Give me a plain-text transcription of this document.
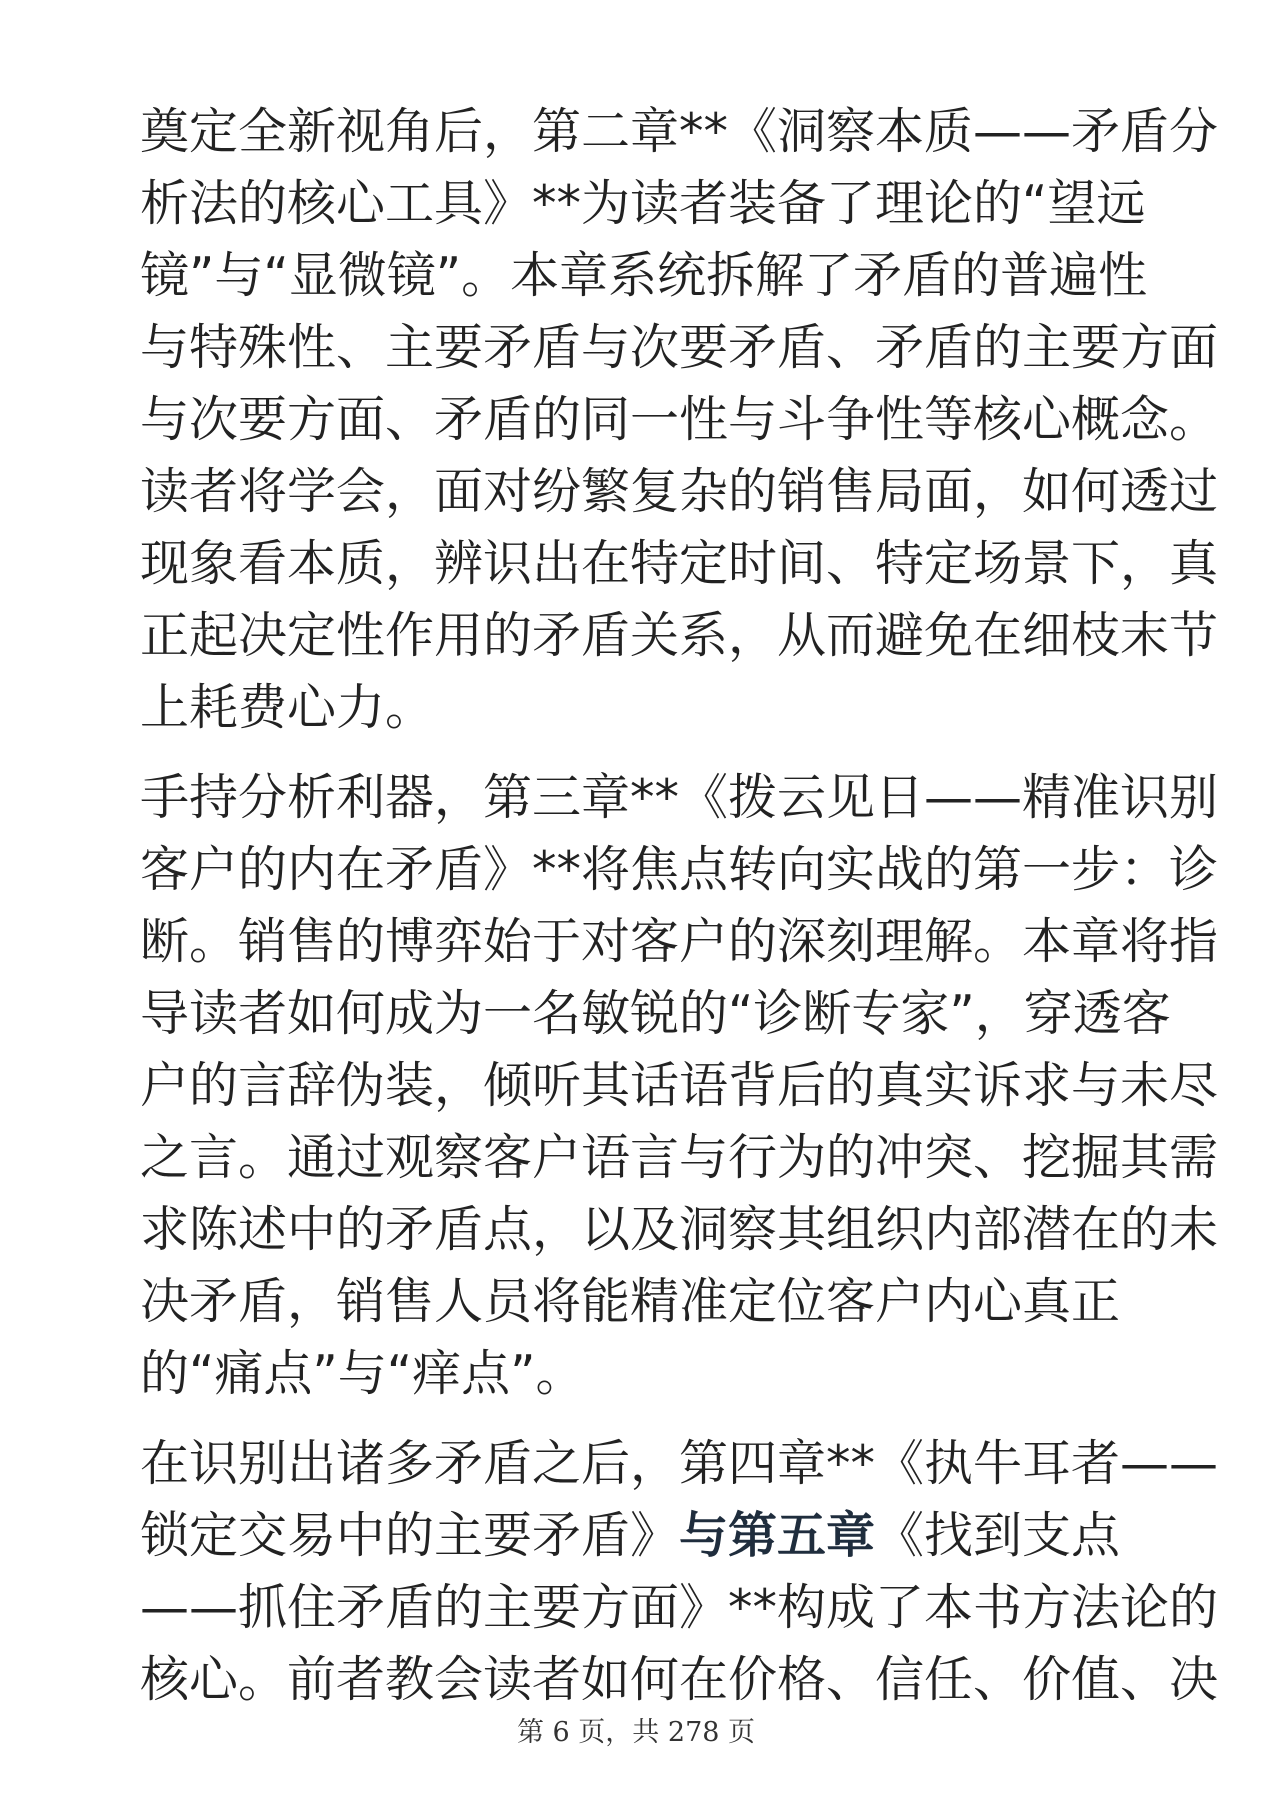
奠定全新视角后，第二章**《洞察本质——矛盾分
析法的核心工具》**为读者装备了理论的“望远
镜”与“显微镜”。本章系统拆解了矛盾的普遍性
与特殊性、主要矛盾与次要矛盾、矛盾的主要方面
与次要方面、矛盾的同一性与斗争性等核心概念。
读者将学会，面对纷繁复杂的销售局面，如何透过
现象看本质，辨识出在特定时间、特定场景下，真
正起决定性作用的矛盾关系，从而避免在细枝末节
上耗费心力。
手持分析利器，第三章**《拨云见日——精准识别
客户的内在矛盾》**将焦点转向实战的第一步：诊
断。销售的博弈始于对客户的深刻理解。本章将指
导读者如何成为一名敏锐的“诊断专家”，穿透客
户的言辞伪装，倾听其话语背后的真实诉求与未尽
之言。通过观察客户语言与行为的冲突、挖掘其需
求陈述中的矛盾点，以及洞察其组织内部潜在的未
决矛盾，销售人员将能精准定位客户内心真正
的“痛点”与“痒点”。
在识别出诸多矛盾之后，第四章**《执牛耳者——
锁定交易中的主要矛盾》与第五章《找到支点
——抓住矛盾的主要方面》**构成了本书方法论的
核心。前者教会读者如何在价格、信任、价值、决
第 6 页，共 278 页
